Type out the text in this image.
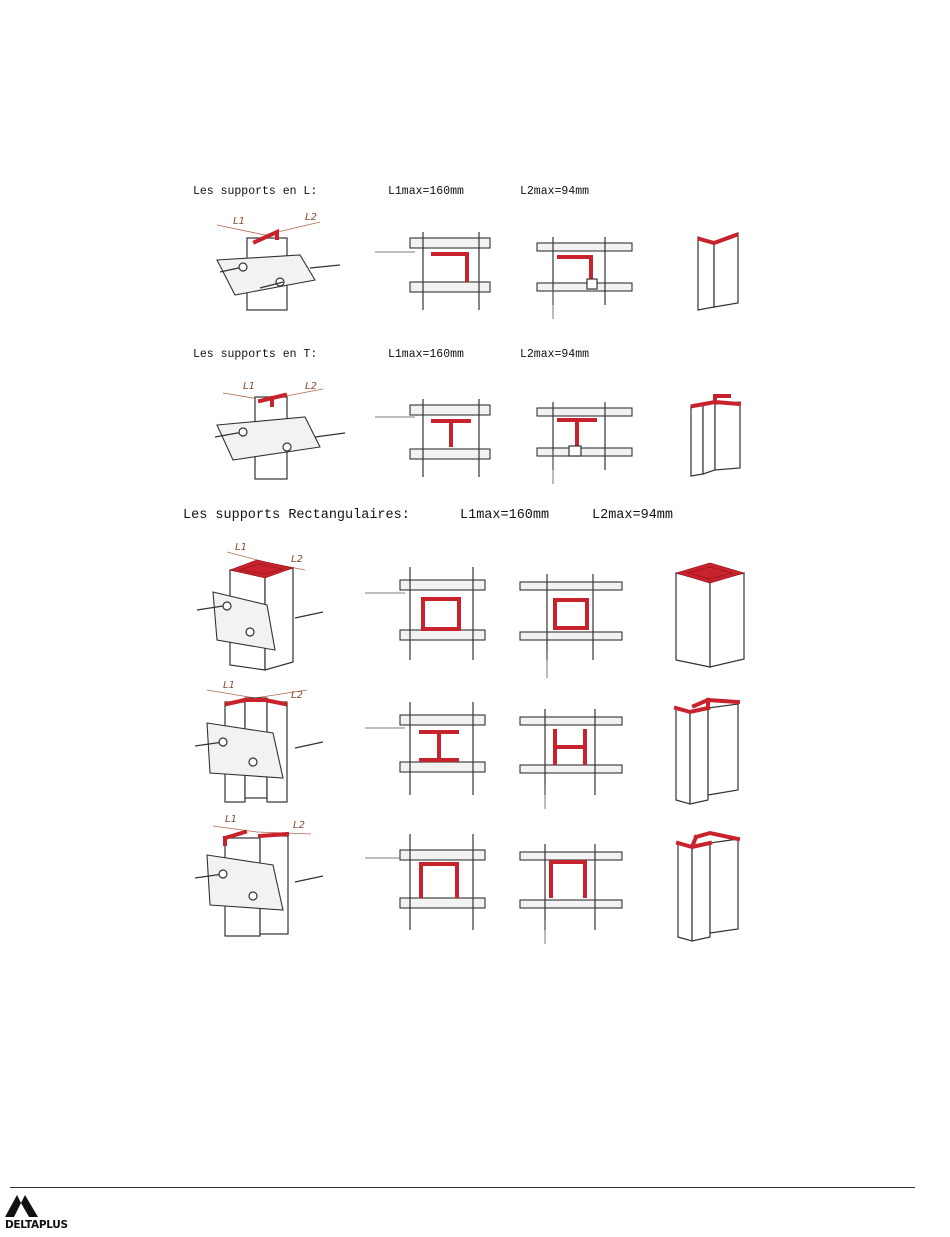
Les supports en L:	L1max=160mm	L2max=94mm
Les supports en T:	L1max=160mm	L2max=94mm
Les supports Rectangulaires:	L1max=160mm	L2max=94mm
L1	L2
L1	L2
L1
L2
L1
L2
L1
L2
DELTAPLUS
